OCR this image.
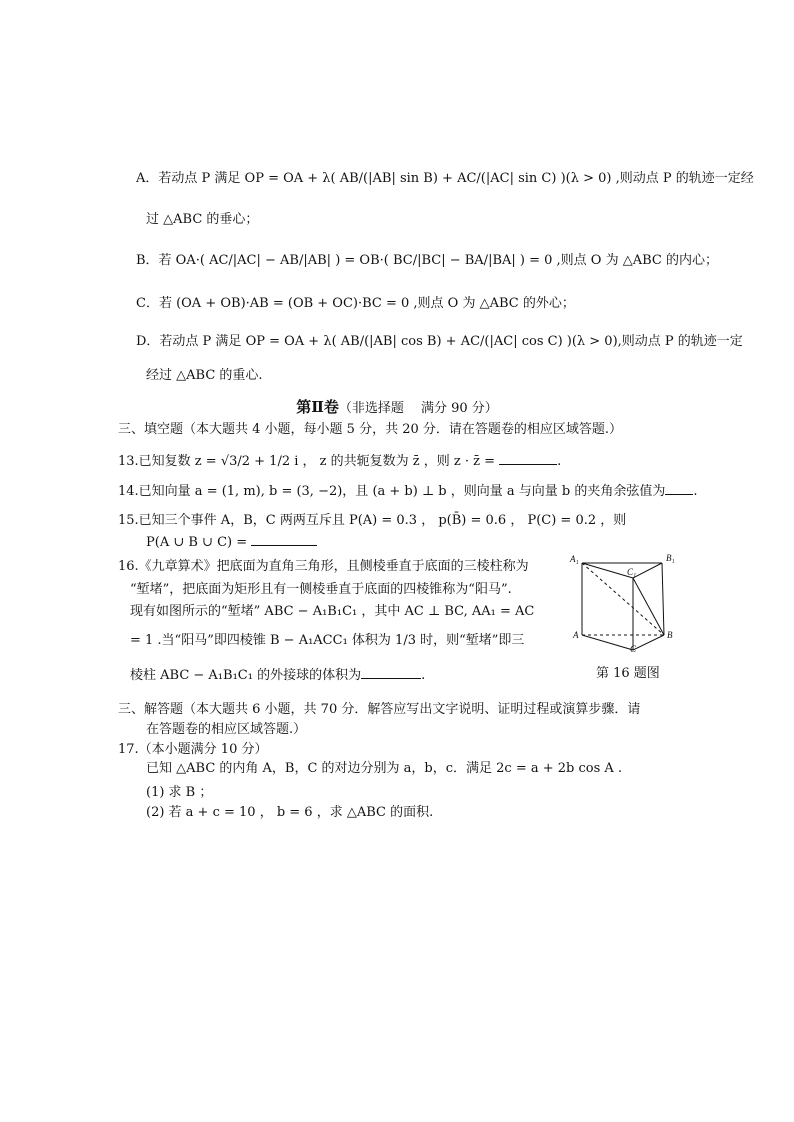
A．若动点 P 满足 OP = OA + λ( AB/(|AB| sin B) + AC/(|AC| sin C) )(λ > 0) ,则动点 P 的轨迹一定经
过 △ABC 的垂心；
B．若 OA·( AC/|AC| − AB/|AB| ) = OB·( BC/|BC| − BA/|BA| ) = 0 ,则点 O 为 △ABC 的内心；
C．若 (OA + OB)·AB = (OB + OC)·BC = 0 ,则点 O 为 △ABC 的外心；
D．若动点 P 满足 OP = OA + λ( AB/(|AB| cos B) + AC/(|AC| cos C) )(λ > 0),则动点 P 的轨迹一定
经过 △ABC 的重心.
第Ⅱ卷（非选择题　 满分 90 分）
三、填空题（本大题共 4 小题，每小题 5 分，共 20 分．请在答题卷的相应区域答题.）
13.已知复数 z = √3/2 + 1/2 i ， z 的共轭复数为 z̄ ，则 z · z̄ =	.
14.已知向量 a = (1, m), b = (3, −2)，且 (a + b) ⊥ b ，则向量 a 与向量 b 的夹角余弦值为 .
15.已知三个事件 A，B，C 两两互斥且 P(A) = 0.3 ， p(B̄) = 0.6 ， P(C) = 0.2 ，则
P(A ∪ B ∪ C) =
16.《九章算术》把底面为直角三角形，且侧棱垂直于底面的三棱柱称为
“堑堵”，把底面为矩形且有一侧棱垂直于底面的四棱锥称为“阳马”.
现有如图所示的“堑堵” ABC − A₁B₁C₁ ，其中 AC ⊥ BC, AA₁ = AC
= 1 .当“阳马”即四棱锥 B − A₁ACC₁ 体积为 1/3 时，则“堑堵”即三
棱柱 ABC − A₁B₁C₁ 的外接球的体积为	.
A₁	B₁
C₁
A	B
C
第 16 题图
三、解答题（本大题共 6 小题，共 70 分．解答应写出文字说明、证明过程或演算步骤．请
在答题卷的相应区域答题.）
17.（本小题满分 10 分）
已知 △ABC 的内角 A，B，C 的对边分别为 a，b，c．满足 2c = a + 2b cos A .
(1) 求 B ；
(2) 若 a + c = 10 ， b = 6 ，求 △ABC 的面积.
